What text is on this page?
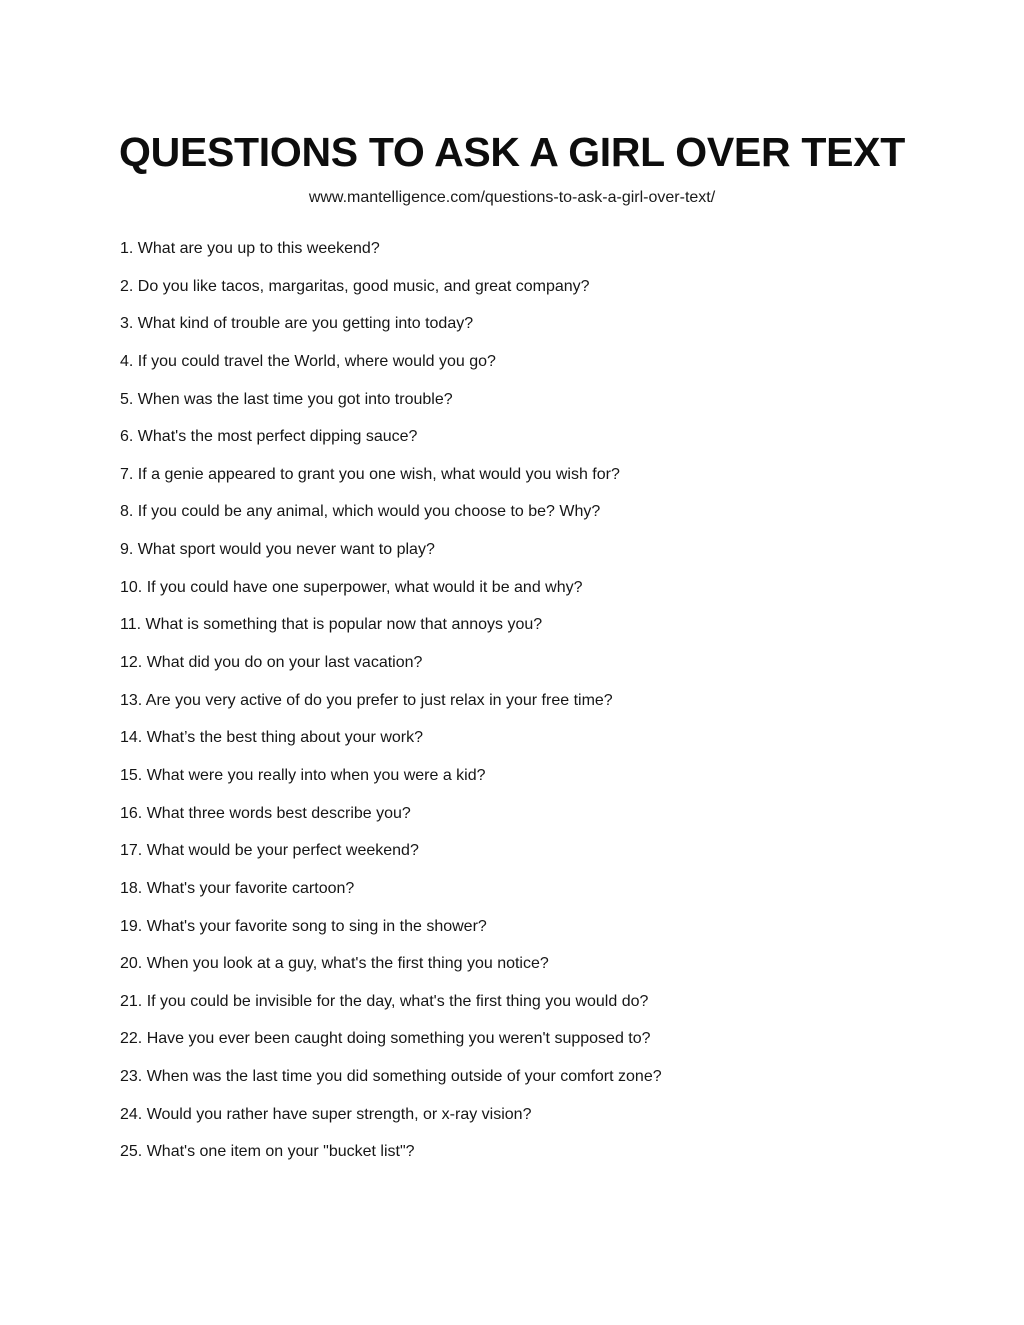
QUESTIONS TO ASK A GIRL OVER TEXT
www.mantelligence.com/questions-to-ask-a-girl-over-text/
1. What are you up to this weekend?
2. Do you like tacos, margaritas, good music, and great company?
3. What kind of trouble are you getting into today?
4. If you could travel the World, where would you go?
5. When was the last time you got into trouble?
6. What's the most perfect dipping sauce?
7. If a genie appeared to grant you one wish, what would you wish for?
8. If you could be any animal, which would you choose to be? Why?
9. What sport would you never want to play?
10. If you could have one superpower, what would it be and why?
11. What is something that is popular now that annoys you?
12. What did you do on your last vacation?
13. Are you very active of do you prefer to just relax in your free time?
14. What’s the best thing about your work?
15. What were you really into when you were a kid?
16. What three words best describe you?
17. What would be your perfect weekend?
18. What's your favorite cartoon?
19. What's your favorite song to sing in the shower?
20. When you look at a guy, what's the first thing you notice?
21. If you could be invisible for the day, what's the first thing you would do?
22. Have you ever been caught doing something you weren't supposed to?
23. When was the last time you did something outside of your comfort zone?
24. Would you rather have super strength, or x-ray vision?
25. What's one item on your "bucket list"?
